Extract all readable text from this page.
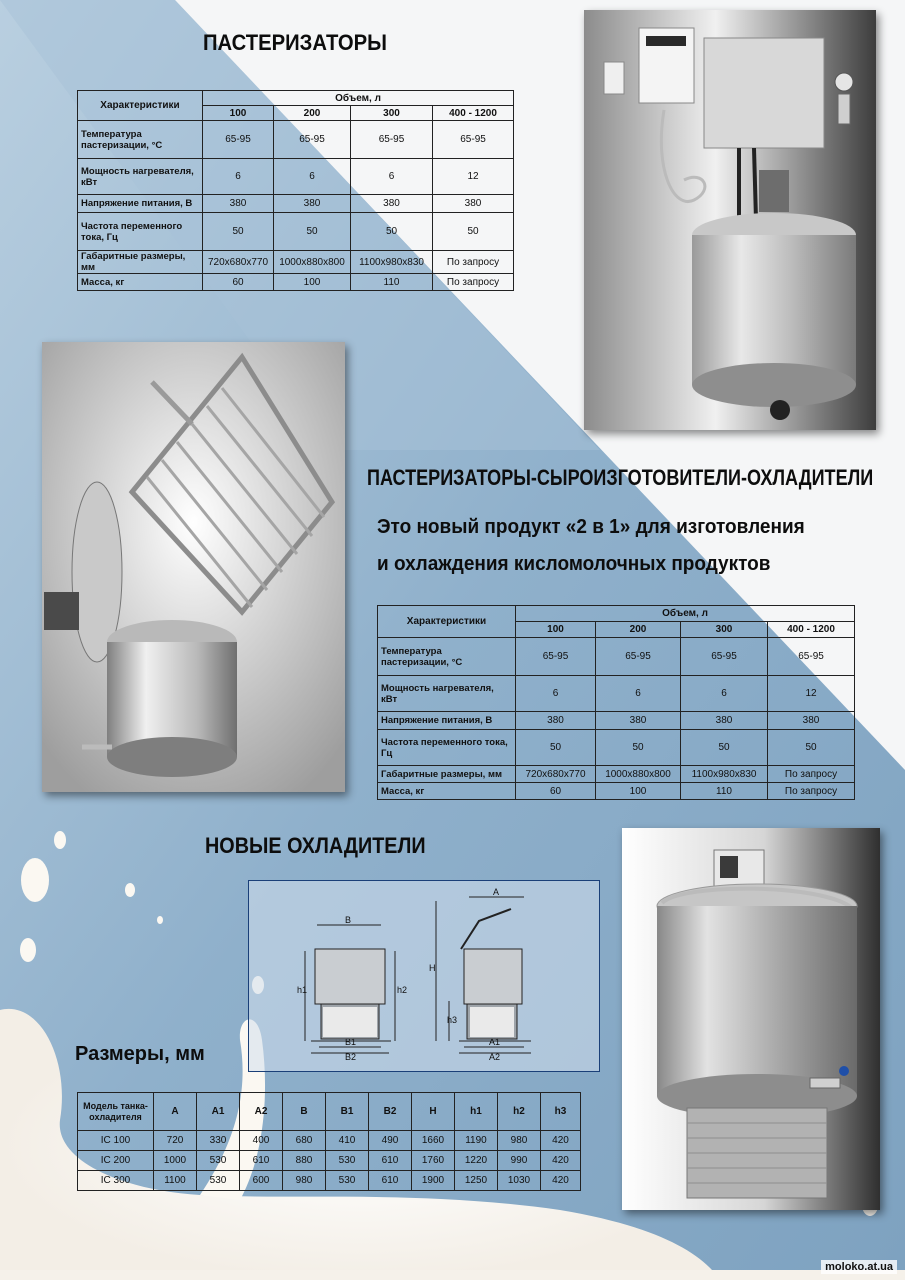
ПАСТЕРИЗАТОРЫ
Характеристики	Объем, л			
	100	200	300	400 - 1200
Температура пастеризации, °С	65-95	65-95	65-95	65-95
Мощность нагревателя, кВт	6	6	6	12
Напряжение питания, В	380	380	380	380
Частота переменного тока, Гц	50	50	50	50
Габаритные размеры, мм	720x680x770	1000x880x800	1100x980x830	По запросу
Масса, кг	60	100	110	По запросу
ПАСТЕРИЗАТОРЫ-СЫРОИЗГОТОВИТЕЛИ-ОХЛАДИТЕЛИ
Это новый продукт «2 в 1» для изготовления
и охлаждения кисломолочных продуктов
Характеристики	Объем, л			
	100	200	300	400 - 1200
Температура пастеризации, °С	65-95	65-95	65-95	65-95
Мощность нагревателя, кВт	6	6	6	12
Напряжение питания, В	380	380	380	380
Частота переменного тока, Гц	50	50	50	50
Габаритные размеры, мм	720x680x770	1000x880x800	1100x980x830	По запросу
Масса, кг	60	100	110	По запросу
НОВЫЕ ОХЛАДИТЕЛИ
B
B1
B2
h1	h2
A
H
h3
A1
A2
Размеры, мм
Модель танка-охладителя	A	A1	A2	B	B1	B2	H	h1	h2	h3
IC 100	720	330	400	680	410	490	1660	1190	980	420
IC 200	1000	530	610	880	530	610	1760	1220	990	420
IC 300	1100	530	600	980	530	610	1900	1250	1030	420
moloko.at.ua
